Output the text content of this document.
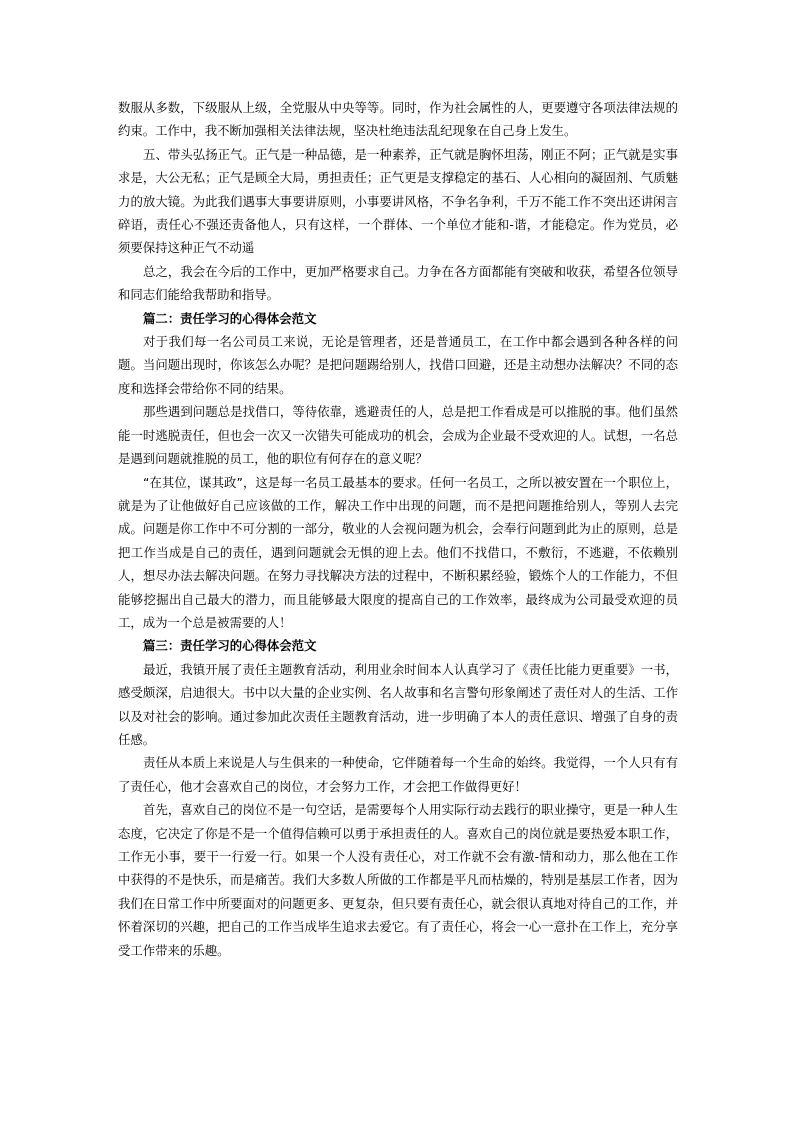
数服从多数，下级服从上级，全党服从中央等等。同时，作为社会属性的人，更要遵守各项法律法规的约束。工作中，我不断加强相关法律法规，坚决杜绝违法乱纪现象在自己身上发生。

五、带头弘扬正气。正气是一种品德，是一种素养，正气就是胸怀坦荡，刚正不阿；正气就是实事求是，大公无私；正气是顾全大局，勇担责任；正气更是支撑稳定的基石、人心相向的凝固剂、气质魅力的放大镜。为此我们遇事大事要讲原则，小事要讲风格，不争名争利，千万不能工作不突出还讲闲言碎语，责任心不强还责备他人，只有这样，一个群体、一个单位才能和-谐，才能稳定。作为党员，必须要保持这种正气不动遥

总之，我会在今后的工作中，更加严格要求自己。力争在各方面都能有突破和收获，希望各位领导和同志们能给我帮助和指导。

篇二：责任学习的心得体会范文

对于我们每一名公司员工来说，无论是管理者，还是普通员工，在工作中都会遇到各种各样的问题。当问题出现时，你该怎么办呢？是把问题踢给别人，找借口回避，还是主动想办法解决？不同的态度和选择会带给你不同的结果。

那些遇到问题总是找借口，等待依靠，逃避责任的人，总是把工作看成是可以推脱的事。他们虽然能一时逃脱责任，但也会一次又一次错失可能成功的机会，会成为企业最不受欢迎的人。试想，一名总是遇到问题就推脱的员工，他的职位有何存在的意义呢？

“在其位，谋其政”，这是每一名员工最基本的要求。任何一名员工，之所以被安置在一个职位上，就是为了让他做好自己应该做的工作，解决工作中出现的问题，而不是把问题推给别人，等别人去完成。问题是你工作中不可分割的一部分，敬业的人会视问题为机会，会奉行问题到此为止的原则，总是把工作当成是自己的责任，遇到问题就会无惧的迎上去。他们不找借口，不敷衍，不逃避，不依赖别人，想尽办法去解决问题。在努力寻找解决方法的过程中，不断积累经验，锻炼个人的工作能力，不但能够挖掘出自己最大的潜力，而且能够最大限度的提高自己的工作效率，最终成为公司最受欢迎的员工，成为一个总是被需要的人！

篇三：责任学习的心得体会范文

最近，我镇开展了责任主题教育活动，利用业余时间本人认真学习了《责任比能力更重要》一书，感受颇深，启迪很大。书中以大量的企业实例、名人故事和名言警句形象阐述了责任对人的生活、工作以及对社会的影响。通过参加此次责任主题教育活动，进一步明确了本人的责任意识、增强了自身的责任感。

责任从本质上来说是人与生俱来的一种使命，它伴随着每一个生命的始终。我觉得，一个人只有有了责任心，他才会喜欢自己的岗位，才会努力工作，才会把工作做得更好！

首先，喜欢自己的岗位不是一句空话，是需要每个人用实际行动去践行的职业操守，更是一种人生态度，它决定了你是不是一个值得信赖可以勇于承担责任的人。喜欢自己的岗位就是要热爱本职工作，工作无小事，要干一行爱一行。如果一个人没有责任心，对工作就不会有激-情和动力，那么他在工作中获得的不是快乐，而是痛苦。我们大多数人所做的工作都是平凡而枯燥的，特别是基层工作者，因为我们在日常工作中所要面对的问题更多、更复杂，但只要有责任心，就会很认真地对待自己的工作，并怀着深切的兴趣，把自己的工作当成毕生追求去爱它。有了责任心，将会一心一意扑在工作上，充分享受工作带来的乐趣。
